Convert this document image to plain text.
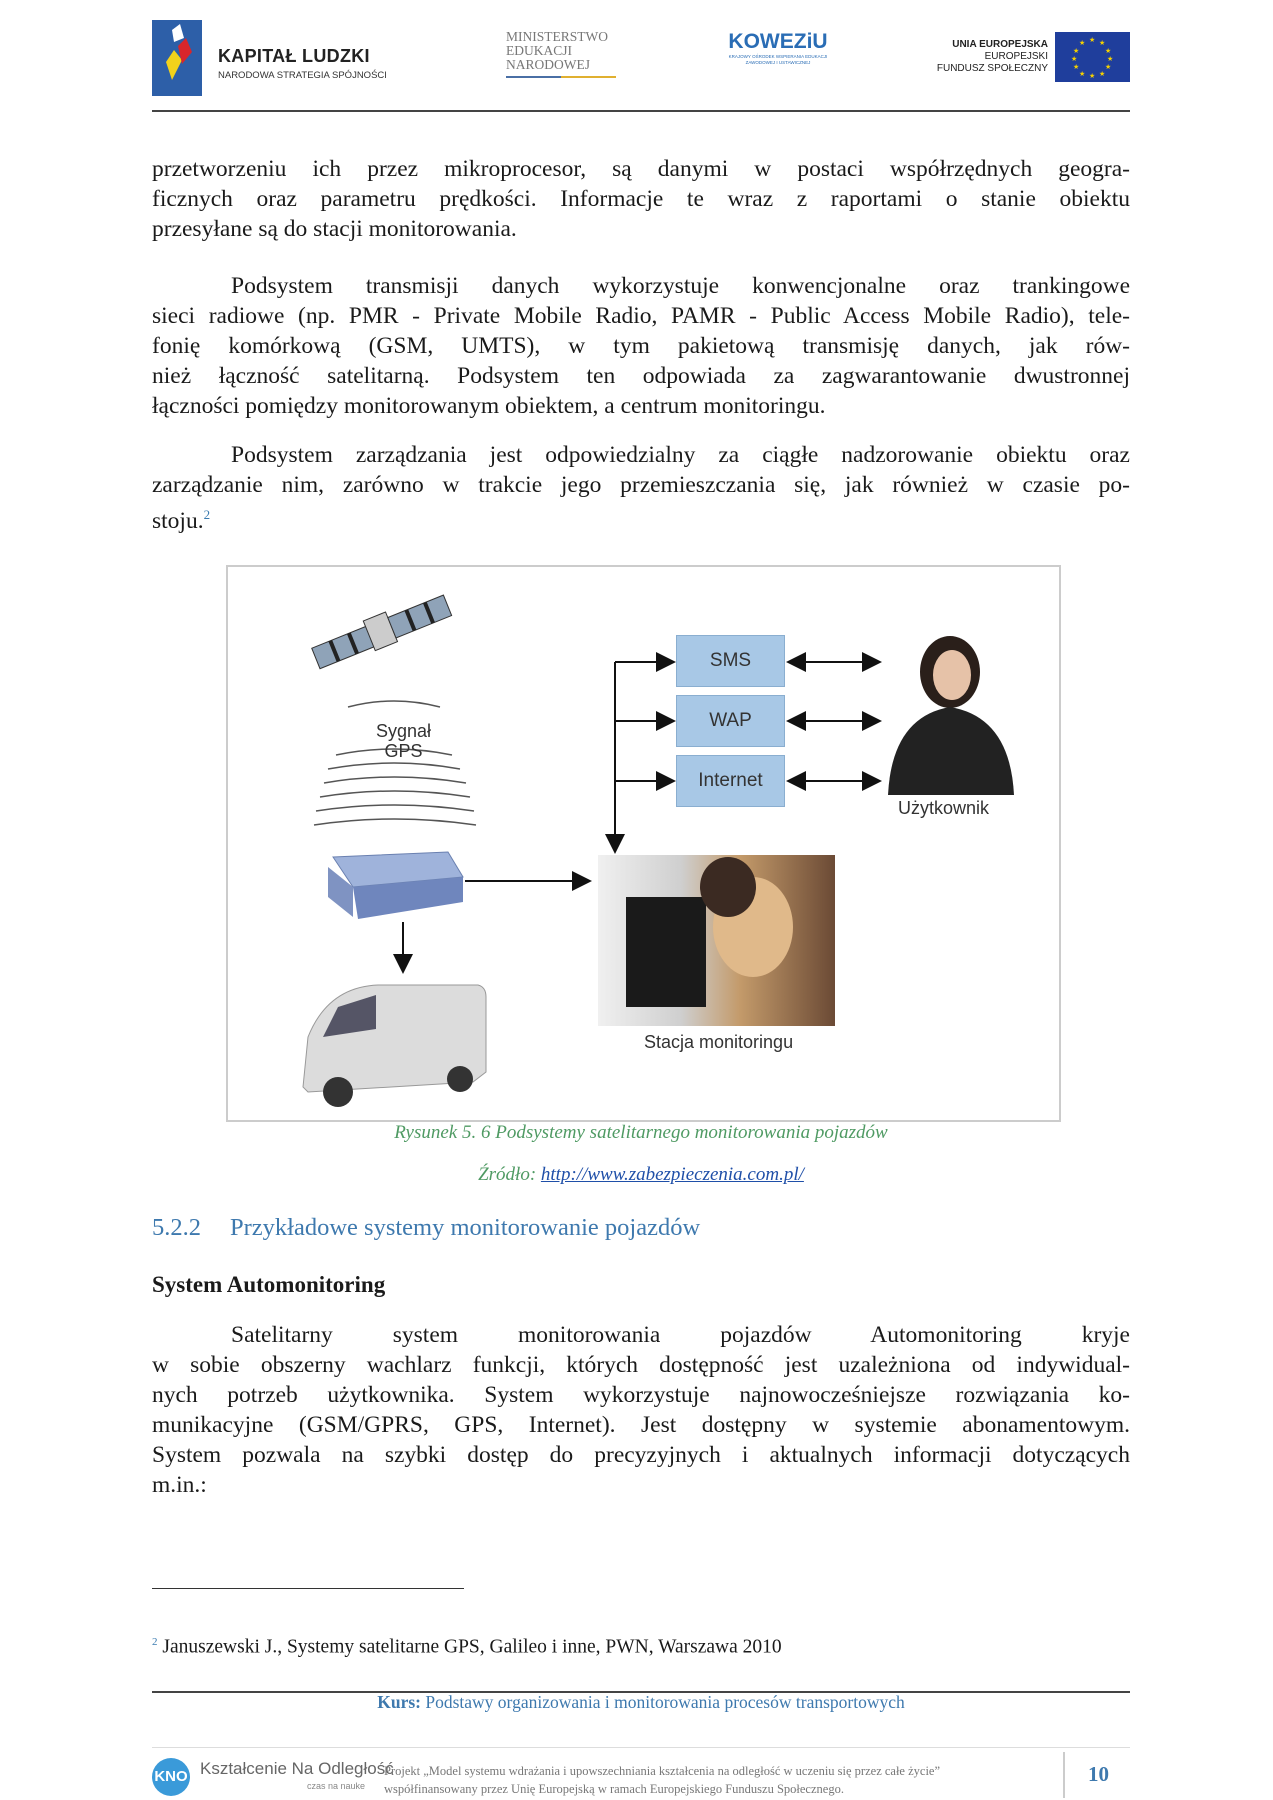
KAPITAŁ LUDZKI
NARODOWA STRATEGIA SPÓJNOŚCI
MINISTERSTWO
EDUKACJI
NARODOWEJ
KOWEZiU
KRAJOWY OŚRODEK WSPIERANIA EDUKACJI ZAWODOWEJ I USTAWICZNEJ
UNIA EUROPEJSKA
EUROPEJSKI
FUNDUSZ SPOŁECZNY
★ ★
★
★
★
★
★
★
★
★
★
★
przetworzeniu ich przez mikroprocesor, są danymi w postaci współrzędnych geogra-
ficznych oraz parametru prędkości. Informacje te wraz z raportami o stanie obiektu
przesyłane są do stacji monitorowania.
Podsystem transmisji danych wykorzystuje konwencjonalne oraz trankingowe
sieci radiowe (np. PMR - Private Mobile Radio, PAMR - Public Access Mobile Radio), tele-
fonię komórkową (GSM, UMTS), w tym pakietową transmisję danych, jak rów-
nież łączność satelitarną. Podsystem ten odpowiada za zagwarantowanie dwustronnej
łączności pomiędzy monitorowanym obiektem, a centrum monitoringu.
Podsystem zarządzania jest odpowiedzialny za ciągłe nadzorowanie obiektu oraz
zarządzanie nim, zarówno w trakcie jego przemieszczania się, jak również w czasie po-
stoju.$^2$
SMS
WAP
Internet
Sygnał
GPS
Użytkownik
Stacja monitoringu
Rysunek 5. 6 Podsystemy satelitarnego monitorowania pojazdów
Źródło: http://www.zabezpieczenia.com.pl/
5.2.2 Przykładowe systemy monitorowanie pojazdów
System Automonitoring
Satelitarny system monitorowania pojazdów Automonitoring kryje
w sobie obszerny wachlarz funkcji, których dostępność jest uzależniona od indywidual-
nych potrzeb użytkownika. System wykorzystuje najnowocześniejsze rozwiązania ko-
munikacyjne (GSM/GPRS, GPS, Internet). Jest dostępny w systemie abonamentowym.
System pozwala na szybki dostęp do precyzyjnych i aktualnych informacji dotyczących
m.in.:
$^2$ Januszewski J., Systemy satelitarne GPS, Galileo i inne, PWN, Warszawa 2010
Kurs: Podstawy organizowania i monitorowania procesów transportowych
KNO Kształcenie Na Odległość
czas na nauke
Projekt „Model systemu wdrażania i upowszechniania kształcenia na odległość w uczeniu się przez całe życie”
współfinansowany przez Unię Europejską w ramach Europejskiego Funduszu Społecznego.
10
